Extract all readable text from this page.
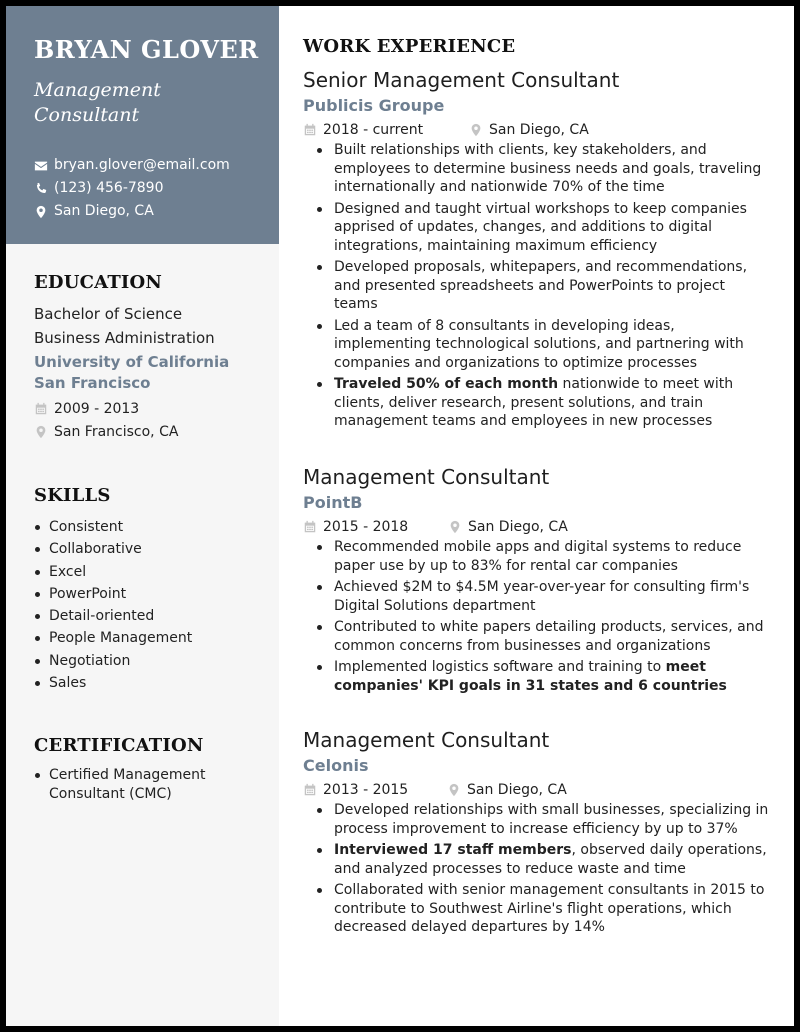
BRYAN GLOVER
Management Consultant
bryan.glover@email.com
(123) 456-7890
San Diego, CA
EDUCATION
Bachelor of Science
Business Administration
University of California San Francisco
2009 - 2013
San Francisco, CA
SKILLS
Consistent
Collaborative
Excel
PowerPoint
Detail-oriented
People Management
Negotiation
Sales
CERTIFICATION
Certified Management Consultant (CMC)
WORK EXPERIENCE
Senior Management Consultant
Publicis Groupe
2018 - current	San Diego, CA
Built relationships with clients, key stakeholders, and employees to determine business needs and goals, traveling internationally and nationwide 70% of the time
Designed and taught virtual workshops to keep companies apprised of updates, changes, and additions to digital integrations, maintaining maximum efficiency
Developed proposals, whitepapers, and recommendations, and presented spreadsheets and PowerPoints to project teams
Led a team of 8 consultants in developing ideas, implementing technological solutions, and partnering with companies and organizations to optimize processes
Traveled 50% of each month nationwide to meet with clients, deliver research, present solutions, and train management teams and employees in new processes
Management Consultant
PointB
2015 - 2018	San Diego, CA
Recommended mobile apps and digital systems to reduce paper use by up to 83% for rental car companies
Achieved $2M to $4.5M year-over-year for consulting firm's Digital Solutions department
Contributed to white papers detailing products, services, and common concerns from businesses and organizations
Implemented logistics software and training to meet companies' KPI goals in 31 states and 6 countries
Management Consultant
Celonis
2013 - 2015	San Diego, CA
Developed relationships with small businesses, specializing in process improvement to increase efficiency by up to 37%
Interviewed 17 staff members, observed daily operations, and analyzed processes to reduce waste and time
Collaborated with senior management consultants in 2015 to contribute to Southwest Airline's flight operations, which decreased delayed departures by 14%
